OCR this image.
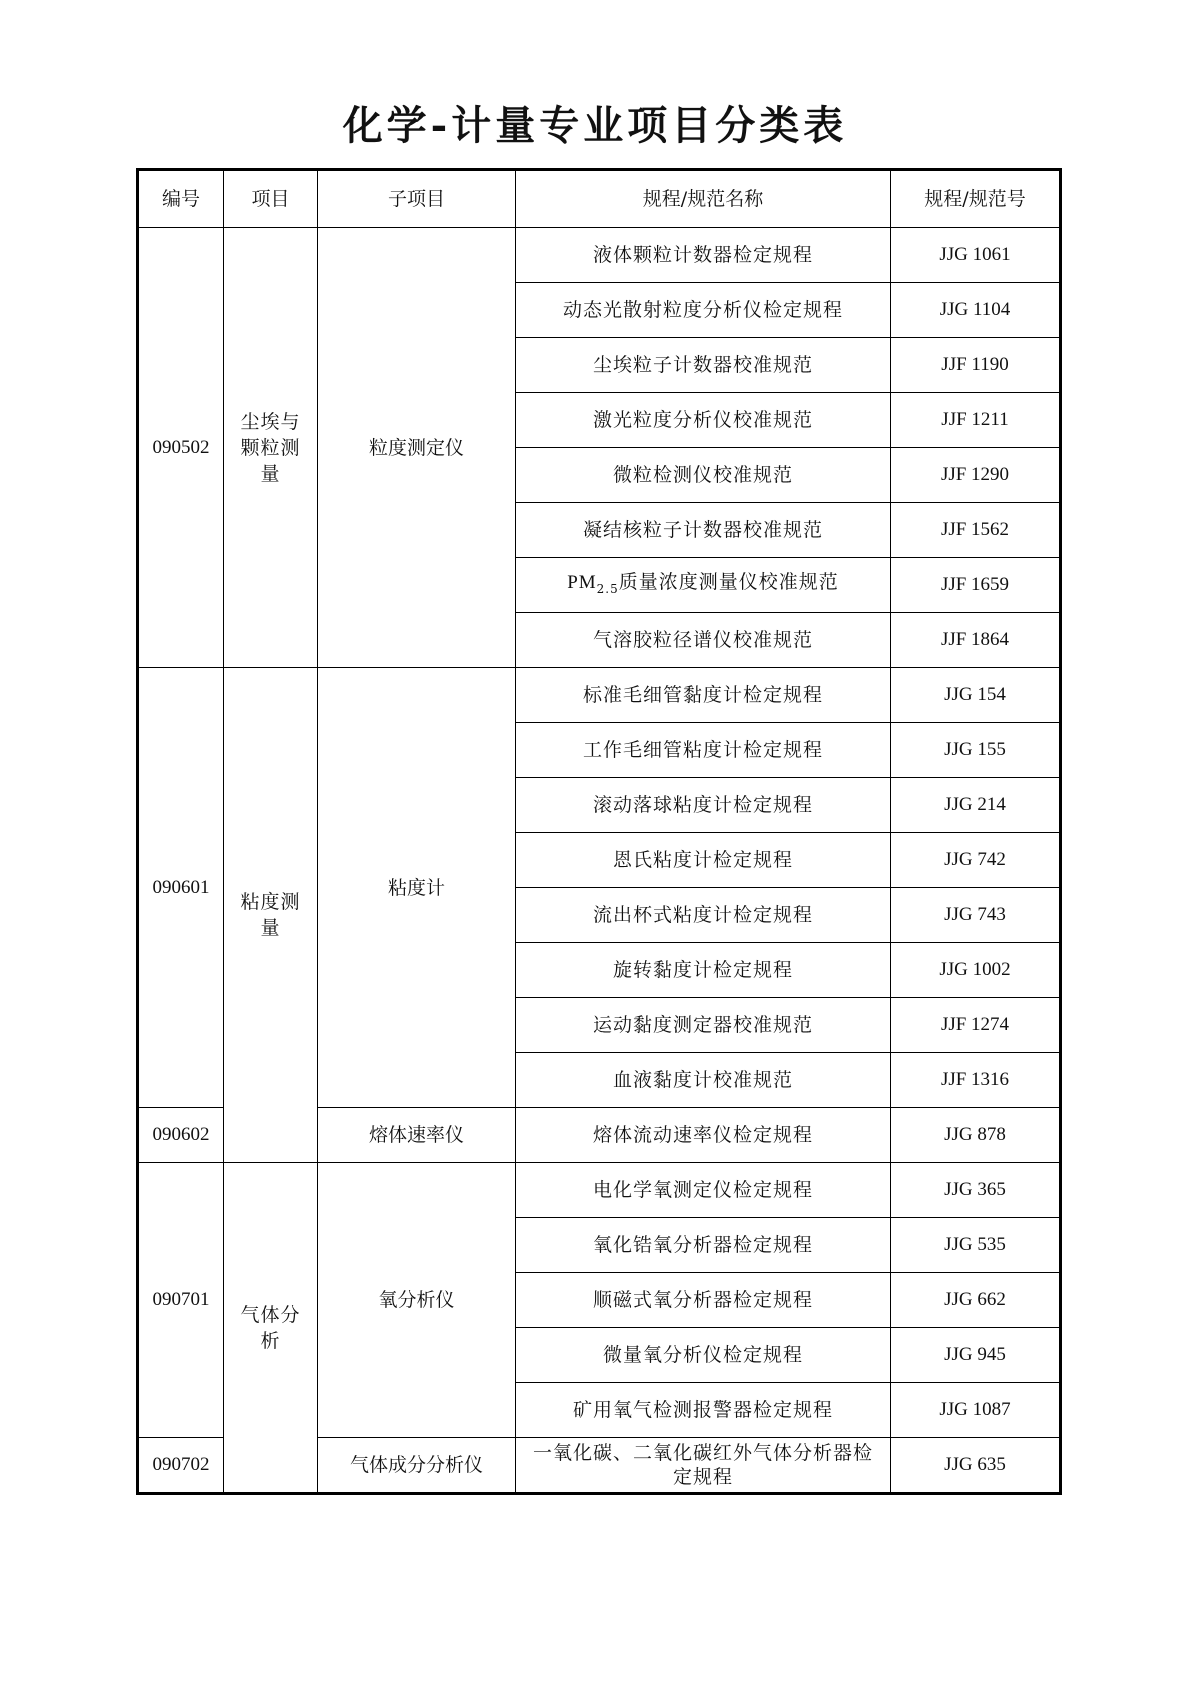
化学-计量专业项目分类表
编号	项目	子项目	规程/规范名称	规程/规范号
090502	尘埃与颗粒测量	粒度测定仪	液体颗粒计数器检定规程	JJG 1061
			动态光散射粒度分析仪检定规程	JJG 1104
			尘埃粒子计数器校准规范	JJF 1190
			激光粒度分析仪校准规范	JJF 1211
			微粒检测仪校准规范	JJF 1290
			凝结核粒子计数器校准规范	JJF 1562
			$PM_{2.5}$质量浓度测量仪校准规范	JJF 1659
			气溶胶粒径谱仪校准规范	JJF 1864
090601	粘度测量	粘度计	标准毛细管黏度计检定规程	JJG 154
			工作毛细管粘度计检定规程	JJG 155
			滚动落球粘度计检定规程	JJG 214
			恩氏粘度计检定规程	JJG 742
			流出杯式粘度计检定规程	JJG 743
			旋转黏度计检定规程	JJG 1002
			运动黏度测定器校准规范	JJF 1274
			血液黏度计校准规范	JJF 1316
090602		熔体速率仪	熔体流动速率仪检定规程	JJG 878
090701	气体分析	氧分析仪	电化学氧测定仪检定规程	JJG 365
			氧化锆氧分析器检定规程	JJG 535
			顺磁式氧分析器检定规程	JJG 662
			微量氧分析仪检定规程	JJG 945
			矿用氧气检测报警器检定规程	JJG 1087
090702		气体成分分析仪	一氧化碳、二氧化碳红外气体分析器检定规程	JJG 635
